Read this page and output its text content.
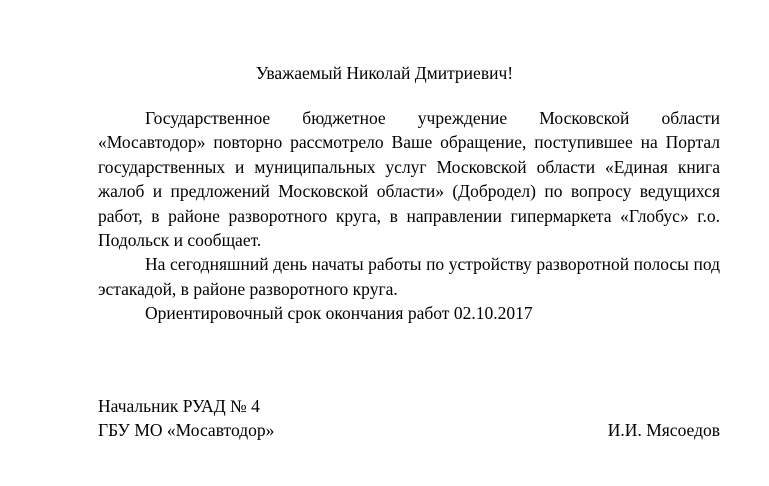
Уважаемый Николай Дмитриевич!

Государственное бюджетное учреждение Московской области «Мосавтодор» повторно рассмотрело Ваше обращение, поступившее на Портал государственных и муниципальных услуг Московской области «Единая книга жалоб и предложений Московской области» (Добродел) по вопросу ведущихся работ, в районе разворотного круга, в направлении гипермаркета «Глобус» г.о. Подольск и сообщает.

На сегодняшний день начаты работы по устройству разворотной полосы под эстакадой, в районе разворотного круга.

Ориентировочный срок окончания работ 02.10.2017

Начальник РУАД № 4
ГБУ МО «Мосавтодор»	И.И. Мясоедов
